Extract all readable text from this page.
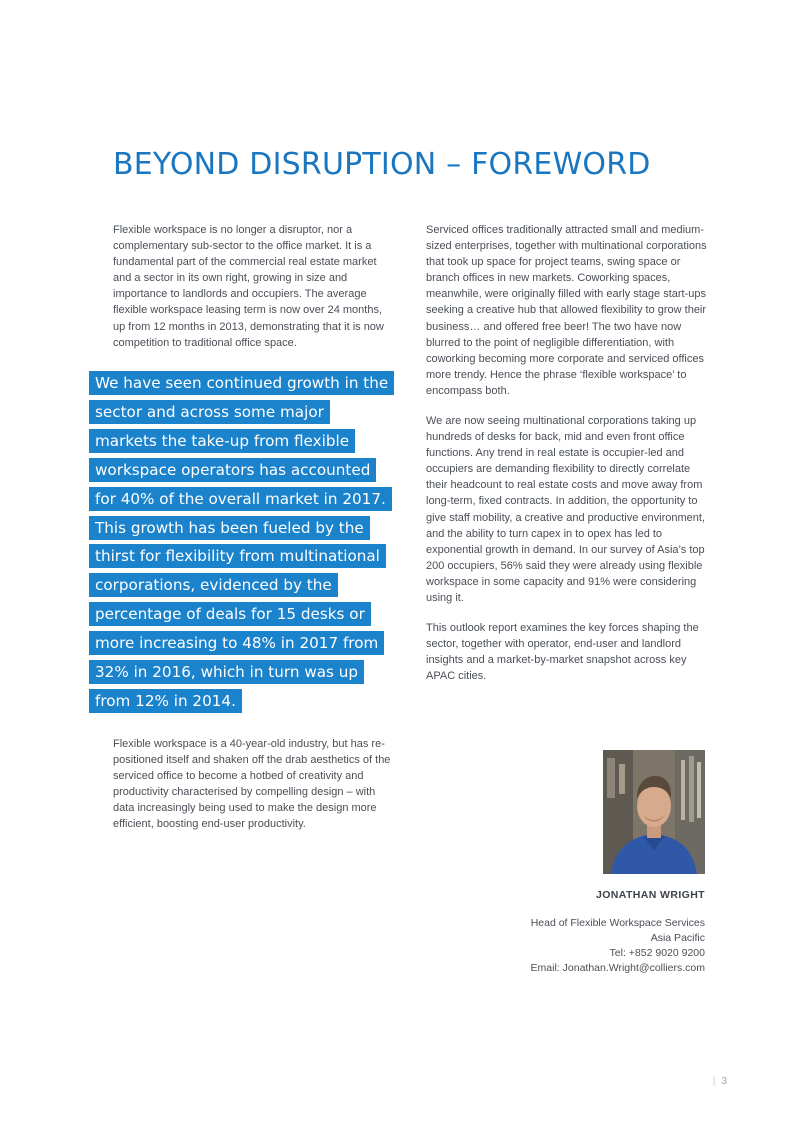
BEYOND DISRUPTION – FOREWORD

Flexible workspace is no longer a disruptor, nor a complementary sub-sector to the office market. It is a fundamental part of the commercial real estate market and a sector in its own right, growing in size and importance to landlords and occupiers. The average flexible workspace leasing term is now over 24 months, up from 12 months in 2013, demonstrating that it is now competition to traditional office space.

We have seen continued growth in the sector and across some major markets the take-up from flexible workspace operators has accounted for 40% of the overall market in 2017. This growth has been fueled by the thirst for flexibility from multinational corporations, evidenced by the percentage of deals for 15 desks or more increasing to 48% in 2017 from 32% in 2016, which in turn was up from 12% in 2014.

Flexible workspace is a 40-year-old industry, but has re-positioned itself and shaken off the drab aesthetics of the serviced office to become a hotbed of creativity and productivity characterised by compelling design – with data increasingly being used to make the design more efficient, boosting end-user productivity.

Serviced offices traditionally attracted small and medium-sized enterprises, together with multinational corporations that took up space for project teams, swing space or branch offices in new markets. Coworking spaces, meanwhile, were originally filled with early stage start-ups seeking a creative hub that allowed flexibility to grow their business… and offered free beer! The two have now blurred to the point of negligible differentiation, with coworking becoming more corporate and serviced offices more trendy. Hence the phrase ‘flexible workspace’ to encompass both.

We are now seeing multinational corporations taking up hundreds of desks for back, mid and even front office functions. Any trend in real estate is occupier-led and occupiers are demanding flexibility to directly correlate their headcount to real estate costs and move away from long-term, fixed contracts. In addition, the opportunity to give staff mobility, a creative and productive environment, and the ability to turn capex in to opex has led to exponential growth in demand. In our survey of Asia’s top 200 occupiers, 56% said they were already using flexible workspace in some capacity and 91% were considering using it.

This outlook report examines the key forces shaping the sector, together with operator, end-user and landlord insights and a market-by-market snapshot across key APAC cities.

JONATHAN WRIGHT
Head of Flexible Workspace Services
Asia Pacific
Tel: +852 9020 9200
Email: Jonathan.Wright@colliers.com
| 3
